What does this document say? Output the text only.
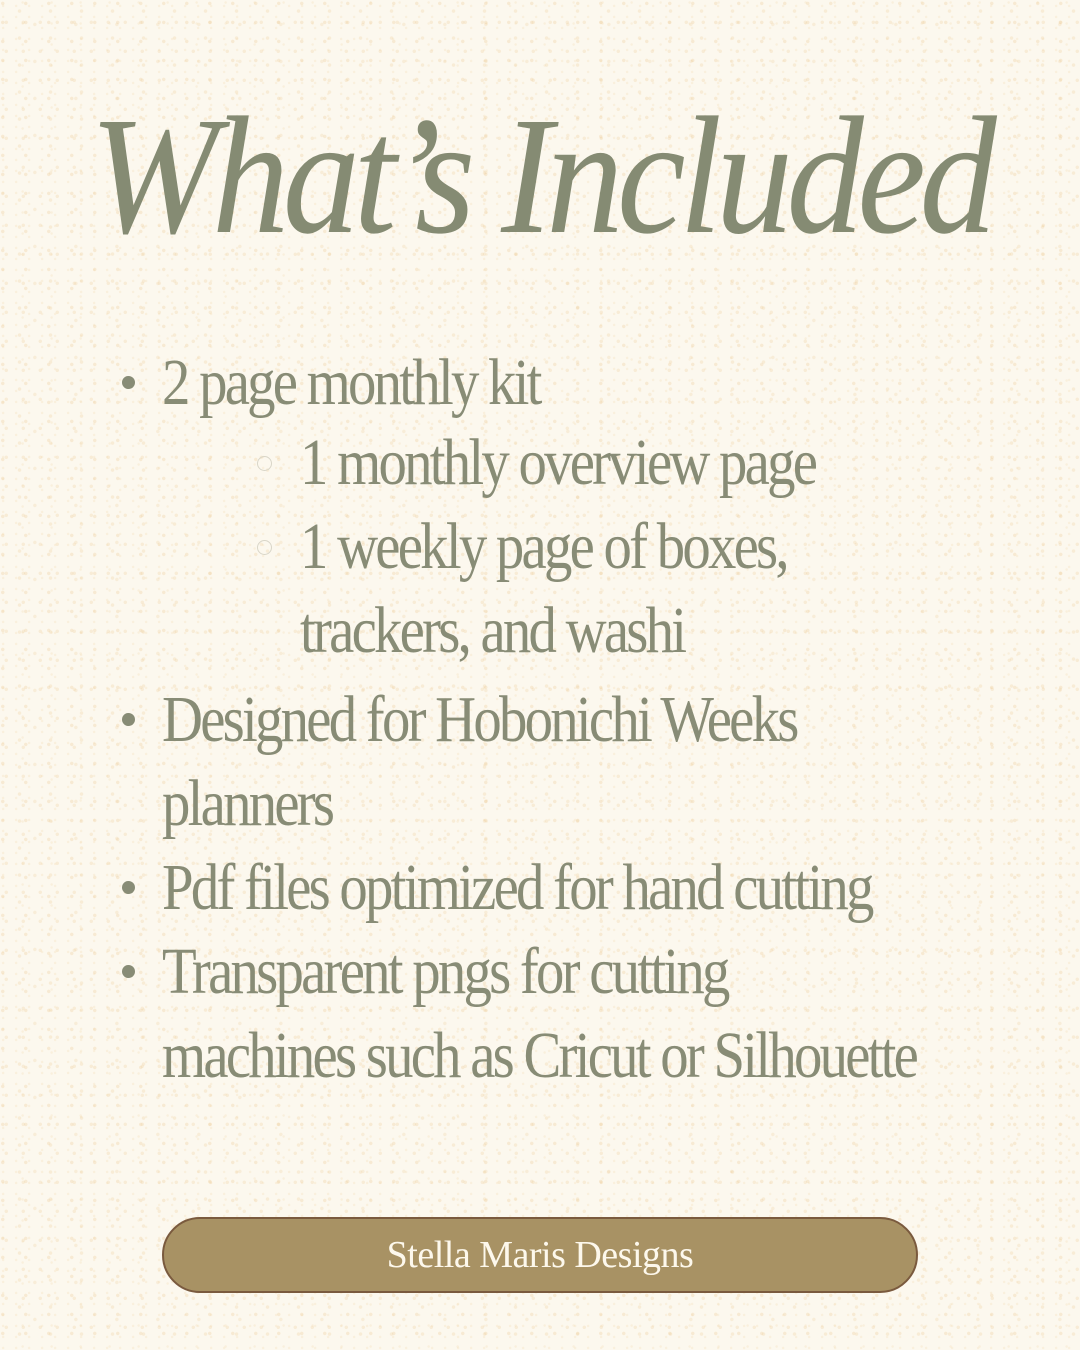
What’s Included
2 page monthly kit
1 monthly overview page
1 weekly page of boxes,
trackers, and washi
Designed for Hobonichi Weeks
planners
Pdf files optimized for hand cutting
Transparent pngs for cutting
machines such as Cricut or Silhouette
Stella Maris Designs
